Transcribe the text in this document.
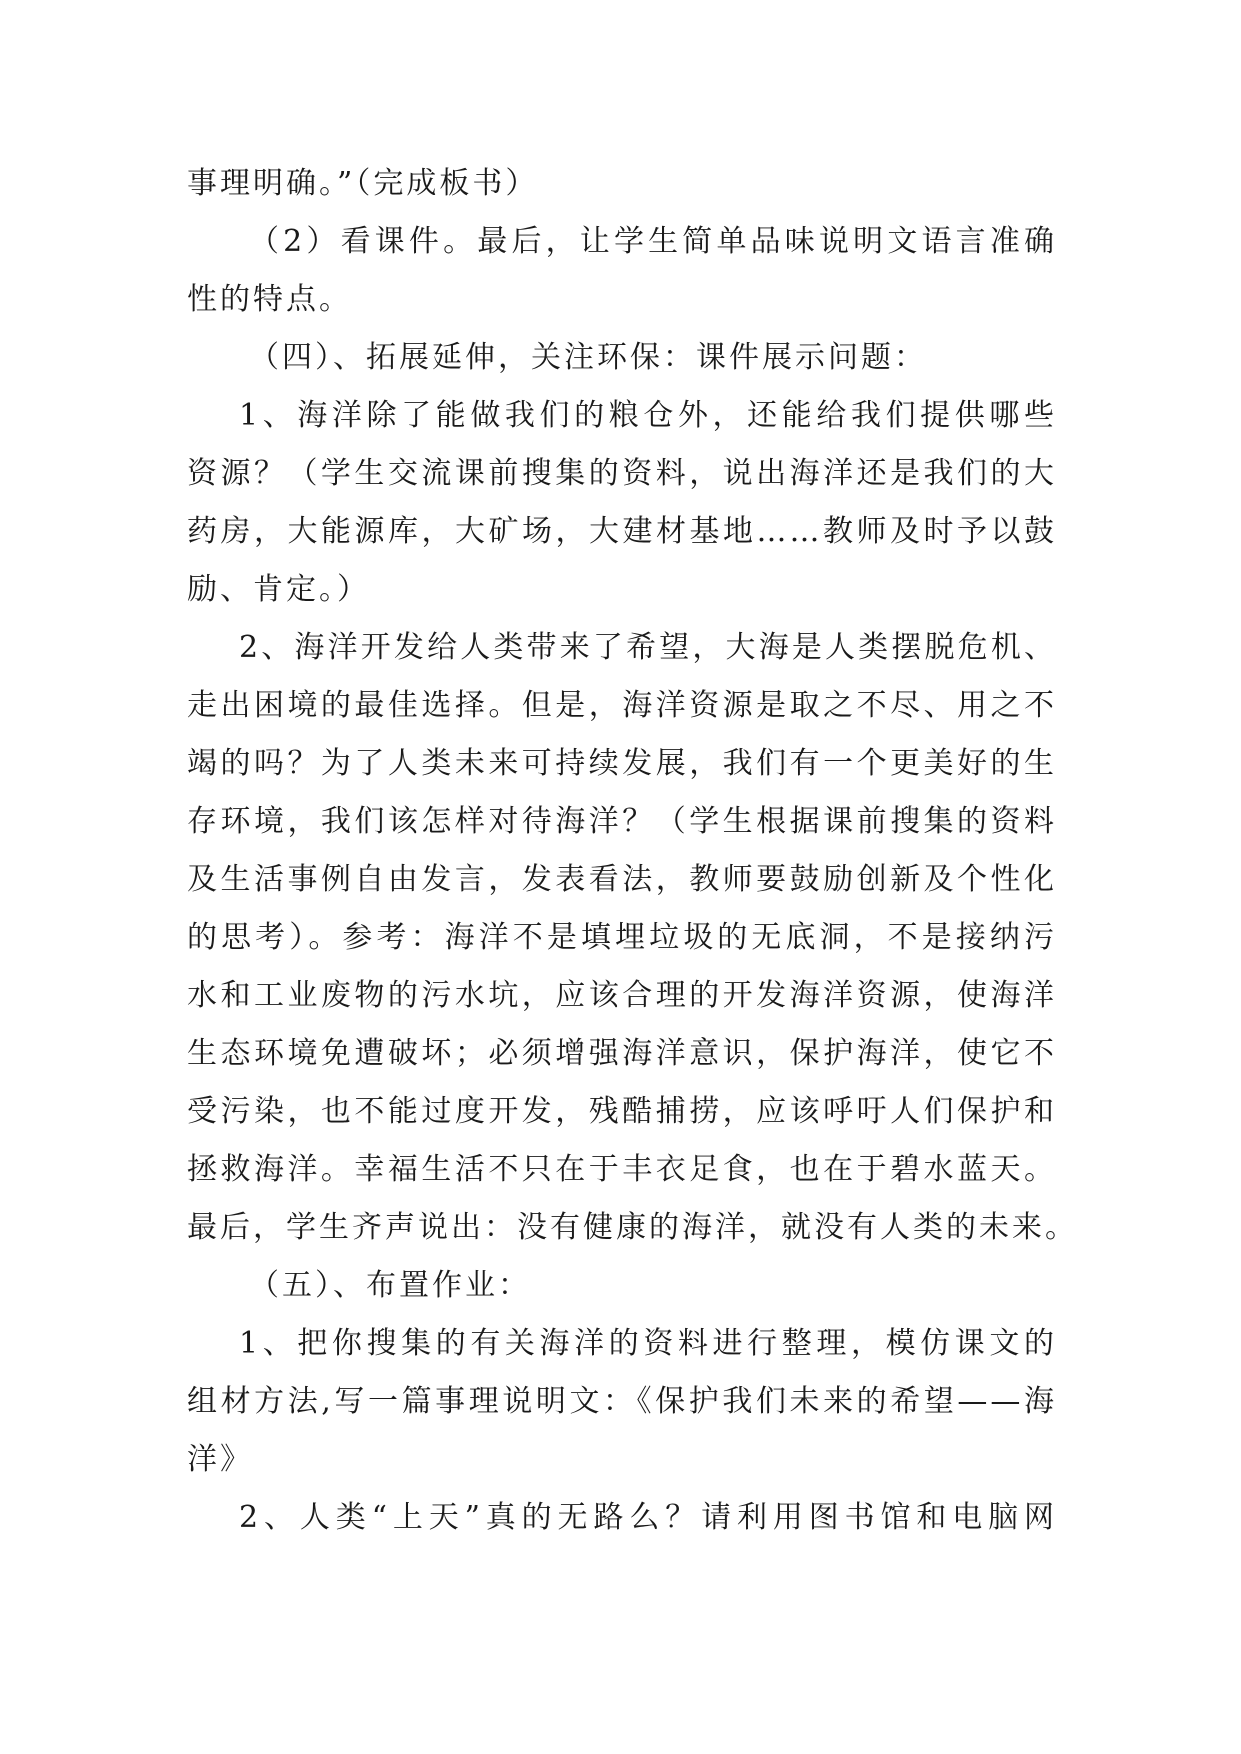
事理明确。”（完成板书）
（2）看课件。最后，让学生简单品味说明文语言准确
性的特点。
（四）、拓展延伸，关注环保：课件展示问题：
1、海洋除了能做我们的粮仓外，还能给我们提供哪些
资源？（学生交流课前搜集的资料，说出海洋还是我们的大
药房，大能源库，大矿场，大建材基地……教师及时予以鼓
励、肯定。）
2、海洋开发给人类带来了希望，大海是人类摆脱危机、
走出困境的最佳选择。但是，海洋资源是取之不尽、用之不
竭的吗？为了人类未来可持续发展，我们有一个更美好的生
存环境，我们该怎样对待海洋？（学生根据课前搜集的资料
及生活事例自由发言，发表看法，教师要鼓励创新及个性化
的思考）。参考：海洋不是填埋垃圾的无底洞，不是接纳污
水和工业废物的污水坑，应该合理的开发海洋资源，使海洋
生态环境免遭破坏；必须增强海洋意识，保护海洋，使它不
受污染，也不能过度开发，残酷捕捞，应该呼吁人们保护和
拯救海洋。幸福生活不只在于丰衣足食，也在于碧水蓝天。
最后，学生齐声说出：没有健康的海洋，就没有人类的未来。
（五）、布置作业：
1、把你搜集的有关海洋的资料进行整理，模仿课文的
组材方法,写一篇事理说明文：《保护我们未来的希望——海
洋》
2、人类“上天”真的无路么？请利用图书馆和电脑网
